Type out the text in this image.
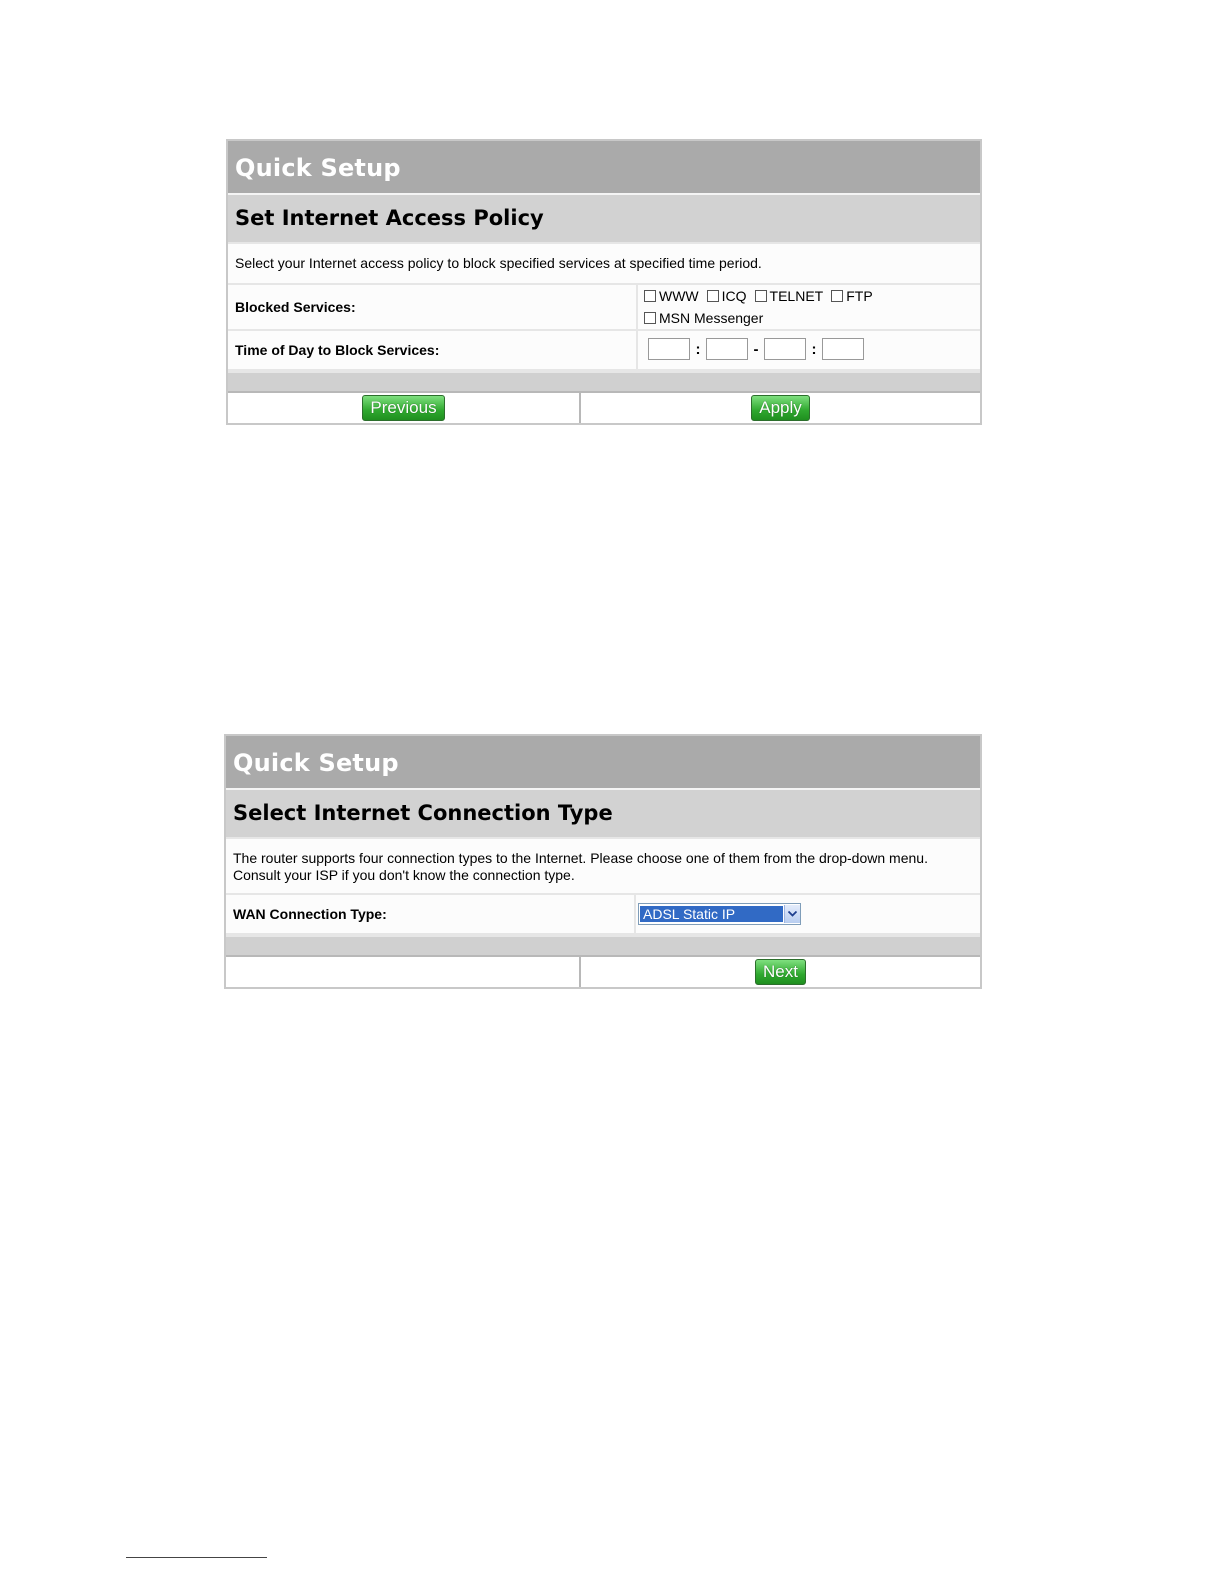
Quick Setup
Set Internet Access Policy
Select your Internet access policy to block specified services at specified time period.
Blocked Services:
WWW ICQ TELNET FTP
MSN Messenger
Time of Day to Block Services:	:	-	:
Previous	Apply
Quick Setup
Select Internet Connection Type
The router supports four connection types to the Internet. Please choose one of them from the drop-down menu. Consult your ISP if you don't know the connection type.
WAN Connection Type:	ADSL Static IP
Next
